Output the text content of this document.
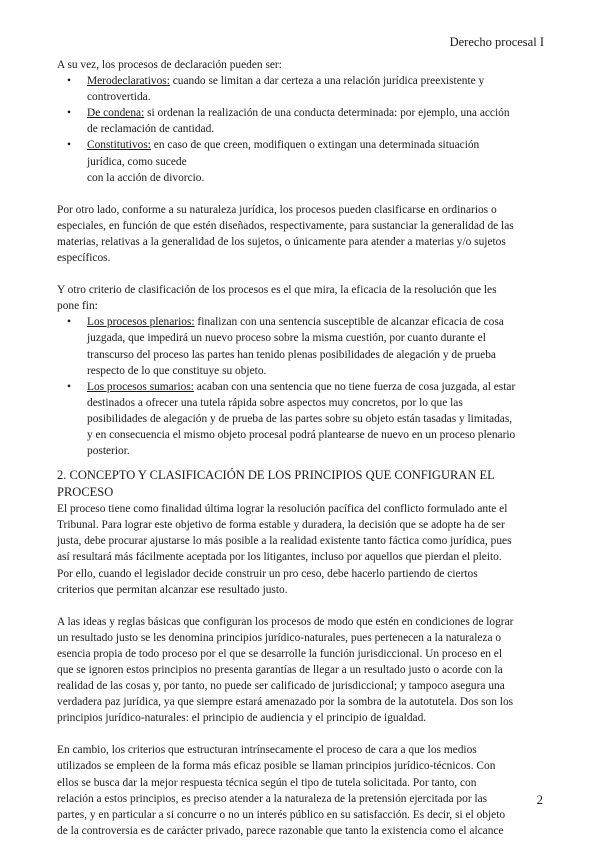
Derecho procesal I

A su vez, los procesos de declaración pueden ser:

• Merodeclarativos: cuando se limitan a dar certeza a una relación jurídica preexistente y
controvertida.
• De condena: si ordenan la realización de una conducta determinada: por ejemplo, una acción
de reclamación de cantidad.
• Constitutivos: en caso de que creen, modifiquen o extingan una determinada situación
jurídica, como sucede
con la acción de divorcio.

Por otro lado, conforme a su naturaleza jurídica, los procesos pueden clasificarse en ordinarios o
especiales, en función de que estén diseñados, respectivamente, para sustanciar la generalidad de las
materias, relativas a la generalidad de los sujetos, o únicamente para atender a materias y/o sujetos
específicos.

Y otro criterio de clasificación de los procesos es el que mira, la eficacia de la resolución que les
pone fin:

• Los procesos plenarios: finalizan con una sentencia susceptible de alcanzar eficacia de cosa
juzgada, que impedirá un nuevo proceso sobre la misma cuestión, por cuanto durante el
transcurso del proceso las partes han tenido plenas posibilidades de alegación y de prueba
respecto de lo que constituye su objeto.
• Los procesos sumarios: acaban con una sentencia que no tiene fuerza de cosa juzgada, al estar
destinados a ofrecer una tutela rápida sobre aspectos muy concretos, por lo que las
posibilidades de alegación y de prueba de las partes sobre su objeto están tasadas y limitadas,
y en consecuencia el mismo objeto procesal podrá plantearse de nuevo en un proceso plenario
posterior.

2. CONCEPTO Y CLASIFICACIÓN DE LOS PRINCIPIOS QUE CONFIGURAN EL PROCESO

El proceso tiene como finalidad última lograr la resolución pacífica del conflicto formulado ante el
Tribunal. Para lograr este objetivo de forma estable y duradera, la decisión que se adopte ha de ser
justa, debe procurar ajustarse lo más posible a la realidad existente tanto fáctica como jurídica, pues
así resultará más fácilmente aceptada por los litigantes, incluso por aquellos que pierdan el pleito.
Por ello, cuando el legislador decide construir un pro ceso, debe hacerlo partiendo de ciertos
criterios que permitan alcanzar ese resultado justo.

A las ideas y reglas básicas que configuran los procesos de modo que estén en condiciones de lograr
un resultado justo se les denomina principios jurídico-naturales, pues pertenecen a la naturaleza o
esencia propia de todo proceso por el que se desarrolle la función jurisdiccional. Un proceso en el
que se ignoren estos principios no presenta garantías de llegar a un resultado justo o acorde con la
realidad de las cosas y, por tanto, no puede ser calificado de jurisdiccional; y tampoco asegura una
verdadera paz jurídica, ya que siempre estará amenazado por la sombra de la autotutela. Dos son los
principios jurídico-naturales: el principio de audiencia y el principio de igualdad.

En cambio, los criterios que estructuran intrínsecamente el proceso de cara a que los medios
utilizados se empleen de la forma más eficaz posible se llaman principios jurídico-técnicos. Con
ellos se busca dar la mejor respuesta técnica según el tipo de tutela solicitada. Por tanto, con
relación a estos principios, es preciso atender a la naturaleza de la pretensión ejercitada por las
partes, y en particular a si concurre o no un interés público en su satisfacción. Es decir, si el objeto
de la controversia es de carácter privado, parece razonable que tanto la existencia como el alcance

2
